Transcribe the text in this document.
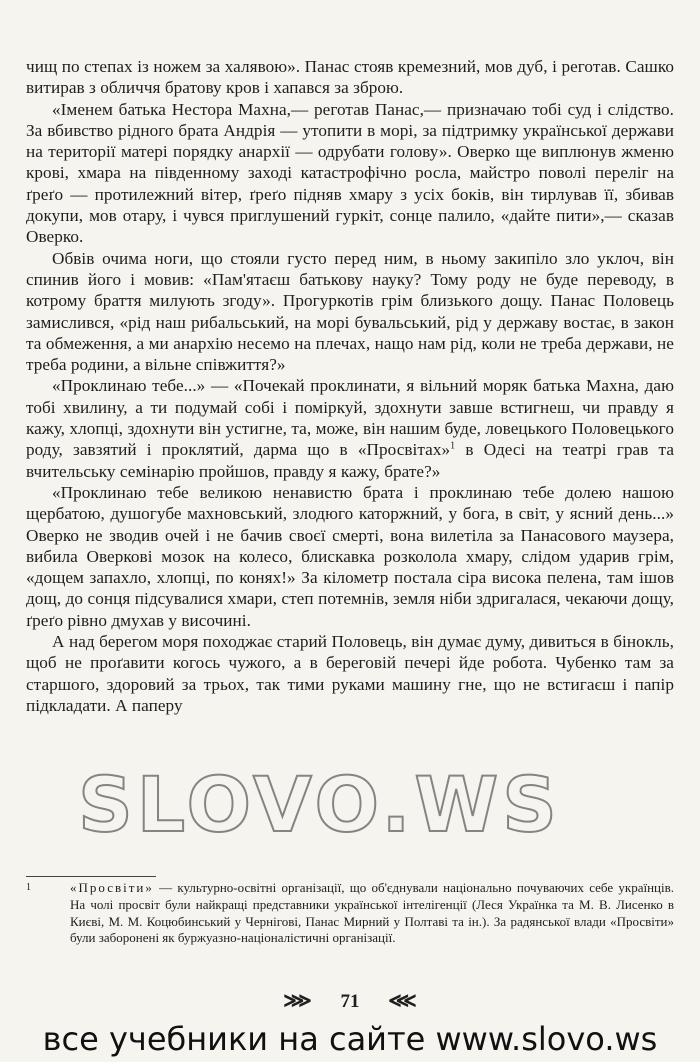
чищ по степах із ножем за халявою». Панас стояв кремезний, мов дуб, і реготав. Сашко витирав з обличчя братову кров і хапався за зброю.

«Іменем батька Нестора Махна,— реготав Панас,— призначаю тобі суд і слідство. За вбивство рідного брата Андрія — утопити в морі, за підтримку української держави на території матері порядку анархії — одрубати голову». Оверко ще виплюнув жменю крові, хмара на південному заході катастрофічно росла, майстро поволі переліг на ґреґо — протилежний вітер, ґреґо підняв хмару з усіх боків, він тирлував її, збивав докупи, мов отару, і чувся приглушений гуркіт, сонце палило, «дайте пити»,— сказав Оверко.

Обвів очима ноги, що стояли густо перед ним, в ньому закипіло зло уклоч, він спинив його і мовив: «Пам'ятаєш батькову науку? Тому роду не буде переводу, в котрому браття милують згоду». Прогуркотів грім близького дощу. Панас Половець замислився, «рід наш рибальський, на морі бувальський, рід у державу востає, в закон та обмеження, а ми анархію несемо на плечах, нащо нам рід, коли не треба держави, не треба родини, а вільне співжиття?»

«Проклинаю тебе...» — «Почекай проклинати, я вільний моряк батька Махна, даю тобі хвилину, а ти подумай собі і поміркуй, здохнути завше встигнеш, чи правду я кажу, хлопці, здохнути він устигне, та, може, він нашим буде, ловецького Половецького роду, завзятий і проклятий, дарма що в «Просвітах»$^1$ в Одесі на театрі грав та вчительську семінарію пройшов, правду я кажу, брате?»

«Проклинаю тебе великою ненавистю брата і проклинаю тебе долею нашою щербатою, душогубе махновський, злодюго каторжний, у бога, в світ, у ясний день...» Оверко не зводив очей і не бачив своєї смерті, вона вилетіла за Панасового маузера, вибила Оверкові мозок на колесо, блискавка розколола хмару, слідом ударив грім, «дощем запахло, хлопці, по конях!» За кілометр постала сіра висока пелена, там ішов дощ, до сонця підсувалися хмари, степ потемнів, земля ніби здригалася, чекаючи дощу, ґреґо рівно дмухав у височині.

А над берегом моря походжає старий Половець, він думає думу, дивиться в бінокль, щоб не проґавити когось чужого, а в береговій печері йде робота. Чубенко там за старшого, здоровий за трьох, так тими руками машину гне, що не встигаєш і папір підкладати. А паперу

SLOVO.WS
1	«Просвіти» — культурно-освітні організації, що об'єднували національно почуваючих себе українців. На чолі просвіт були найкращі представники української інтелігенції (Леся Українка та М. В. Лисенко в Києві, М. М. Коцюбинський у Чернігові, Панас Мирний у Полтаві та ін.). За радянської влади «Просвіти» були заборонені як буржуазно-націоналістичні організації.
⋙ 71 ⋘
все учебники на сайте www.slovo.ws
